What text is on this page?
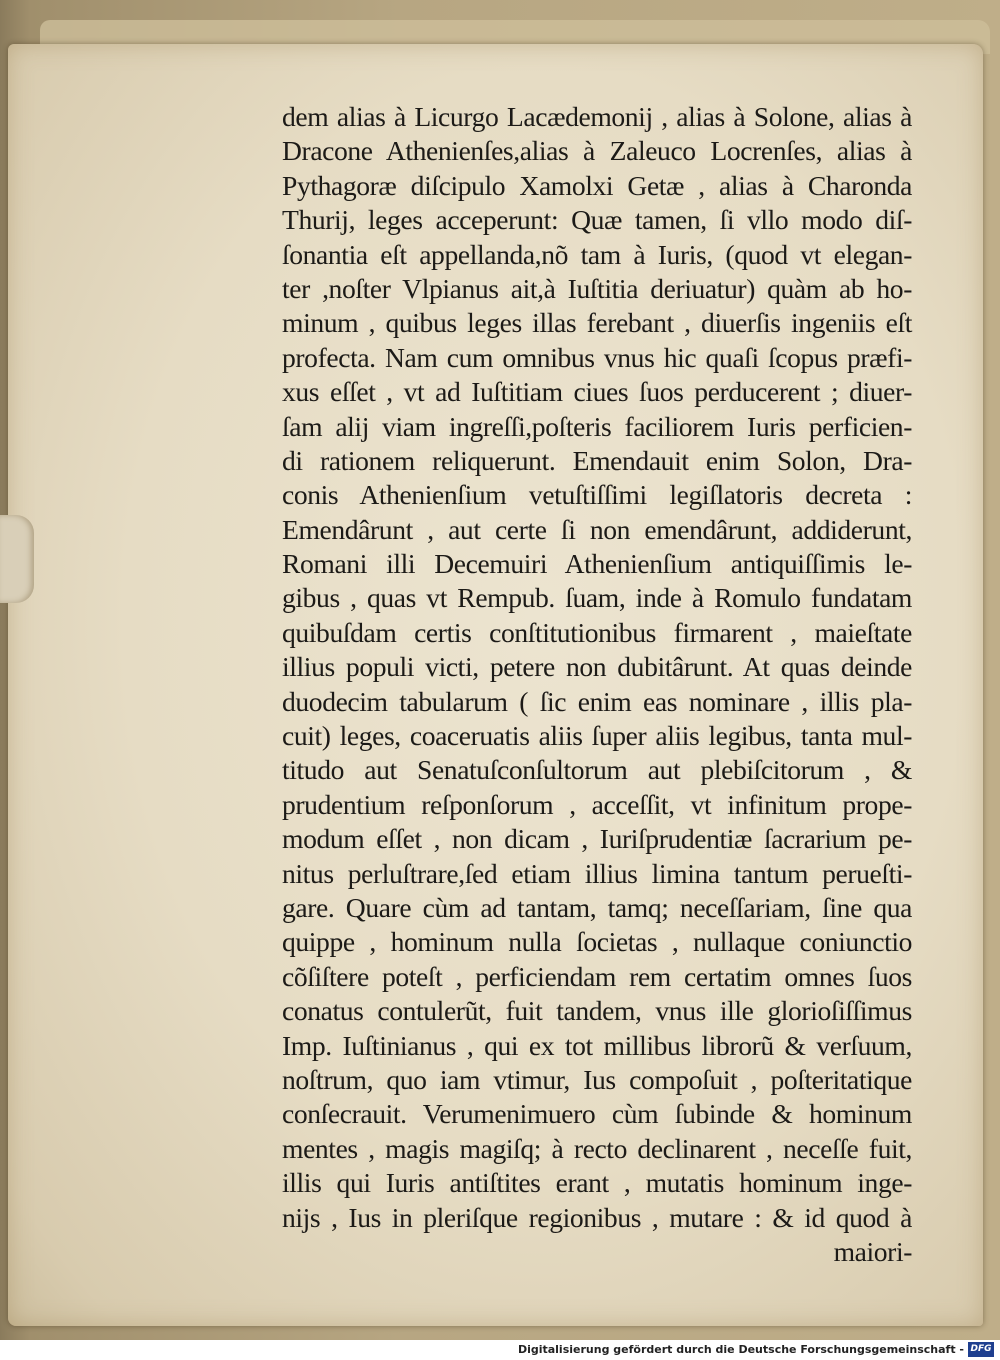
dem alias à Licurgo Lacædemonij , alias à Solone, alias à
Dracone Athenienſes,alias à Zaleuco Locrenſes, alias à
Pythagoræ diſcipulo Xamolxi Getæ , alias à Charonda
Thurij, leges acceperunt: Quæ tamen, ſi vllo modo diſ-
ſonantia eſt appellanda,nõ tam à Iuris, (quod vt elegan-
ter ,noſter Vlpianus ait,à Iuſtitia deriuatur) quàm ab ho-
minum , quibus leges illas ferebant , diuerſis ingeniis eſt
profecta. Nam cum omnibus vnus hic quaſi ſcopus præfi-
xus eſſet , vt ad Iuſtitiam ciues ſuos perducerent ; diuer-
ſam alij viam ingreſſi,poſteris faciliorem Iuris perficien-
di rationem reliquerunt. Emendauit enim Solon, Dra-
conis Athenienſium vetuſtiſſimi legiſlatoris decreta :
Emendârunt , aut certe ſi non emendârunt, addiderunt,
Romani illi Decemuiri Athenienſium antiquiſſimis le-
gibus , quas vt Rempub. ſuam, inde à Romulo fundatam
quibuſdam certis conſtitutionibus firmarent , maieſtate
illius populi victi, petere non dubitârunt. At quas deinde
duodecim tabularum ( ſic enim eas nominare , illis pla-
cuit) leges, coaceruatis aliis ſuper aliis legibus, tanta mul-
titudo aut Senatuſconſultorum aut plebiſcitorum , &
prudentium reſponſorum , acceſſit, vt infinitum prope-
modum eſſet , non dicam , Iuriſprudentiæ ſacrarium pe-
nitus perluſtrare,ſed etiam illius limina tantum perueſti-
gare. Quare cùm ad tantam, tamq; neceſſariam, ſine qua
quippe , hominum nulla ſocietas , nullaque coniunctio
cõſiſtere poteſt , perficiendam rem certatim omnes ſuos
conatus contulerũt, fuit tandem, vnus ille glorioſiſſimus
Imp. Iuſtinianus , qui ex tot millibus librorũ & verſuum,
noſtrum, quo iam vtimur, Ius compoſuit , poſteritatique
conſecrauit. Verumenimuero cùm ſubinde & hominum
mentes , magis magiſq; à recto declinarent , neceſſe fuit,
illis qui Iuris antiſtites erant , mutatis hominum inge-
nijs , Ius in pleriſque regionibus , mutare : & id quod à
maiori-
Digitalisierung gefördert durch die Deutsche Forschungsgemeinschaft - DFG
